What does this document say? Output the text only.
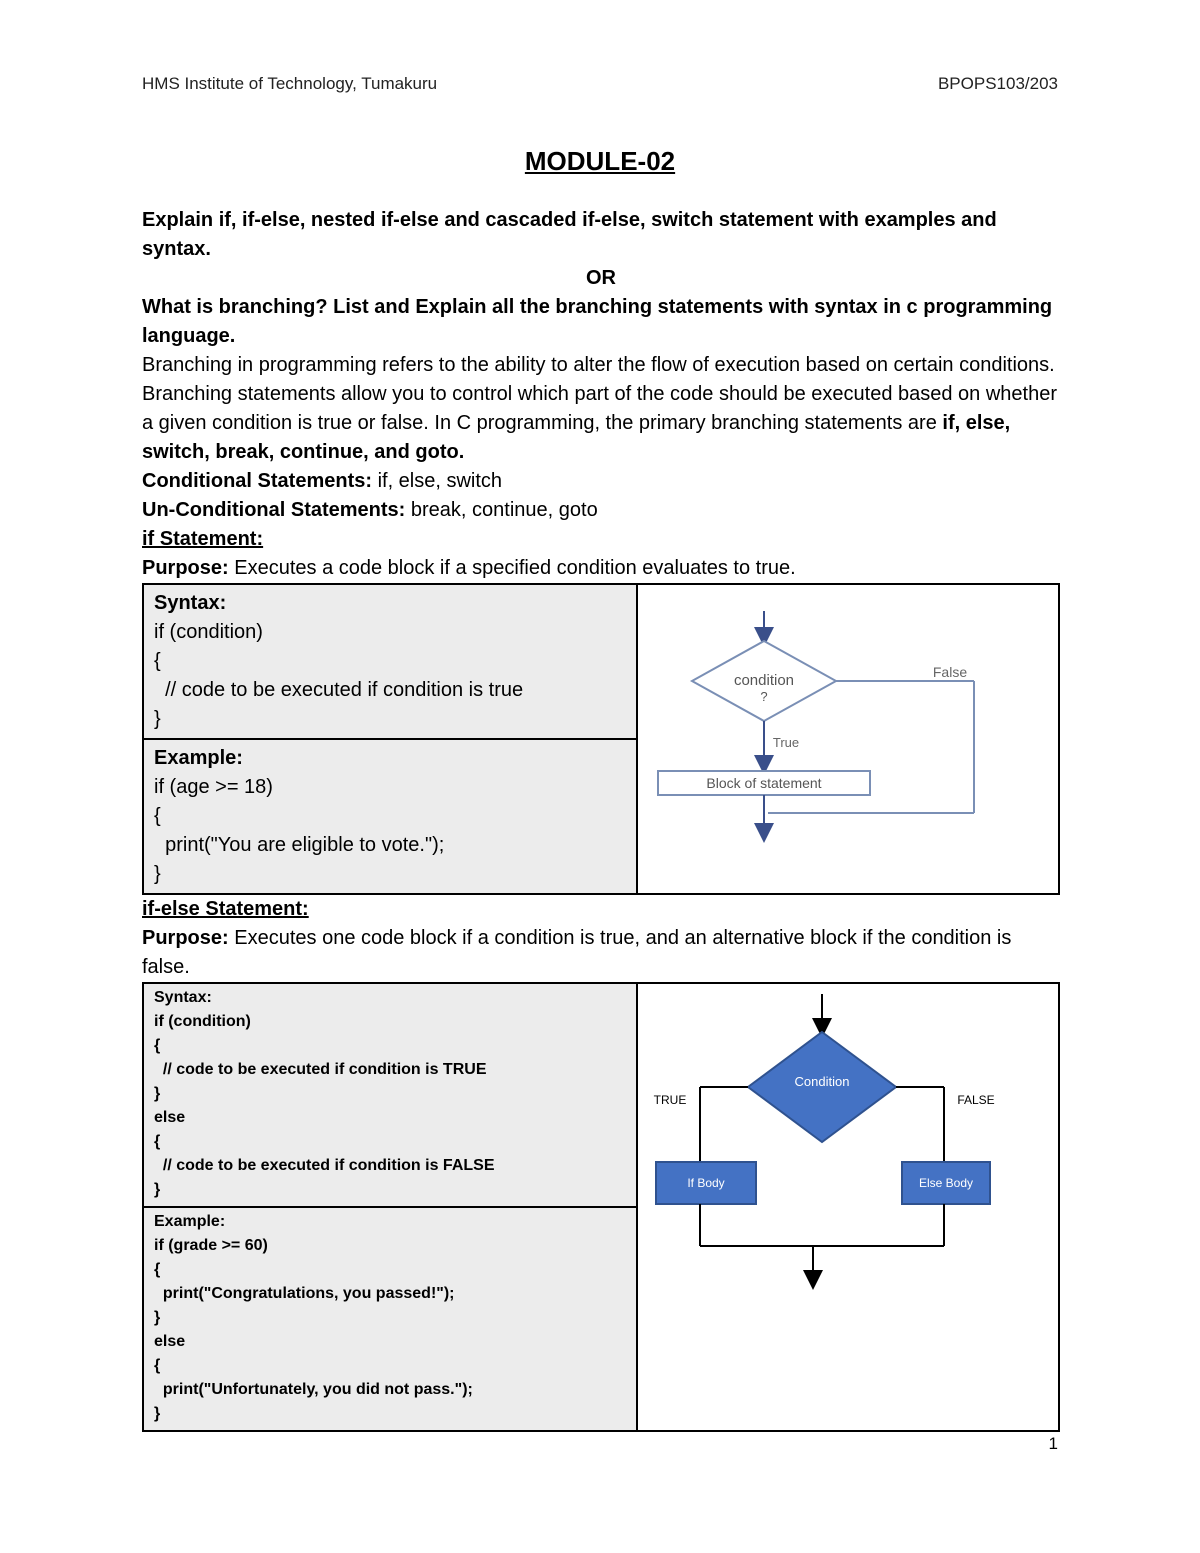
HMS Institute of Technology, Tumakuru	BPOPS103/203
MODULE-02

Explain if, if-else, nested if-else and cascaded if-else, switch statement with examples and syntax.

OR

What is branching? List and Explain all the branching statements with syntax in c programming language.

Branching in programming refers to the ability to alter the flow of execution based on certain conditions. Branching statements allow you to control which part of the code should be executed based on whether a given condition is true or false. In C programming, the primary branching statements are if, else, switch, break, continue, and goto.

Conditional Statements: if, else, switch

Un-Conditional Statements: break, continue, goto

if Statement:

Purpose: Executes a code block if a specified condition evaluates to true.

Syntax:
if (condition)
{
// code to be executed if condition is true
}

condition
?
False
True
Block of statement

Example:
if (age >= 18)
{
print("You are eligible to vote.");
}

if-else Statement:

Purpose: Executes one code block if a condition is true, and an alternative block if the condition is false.

Syntax:
if (condition)
{
// code to be executed if condition is TRUE
}
else
{
// code to be executed if condition is FALSE
}

Condition
TRUE	FALSE
If Body	Else Body

Example:
if (grade >= 60)
{
print("Congratulations, you passed!");
}
else
{
print("Unfortunately, you did not pass.");
}
1
